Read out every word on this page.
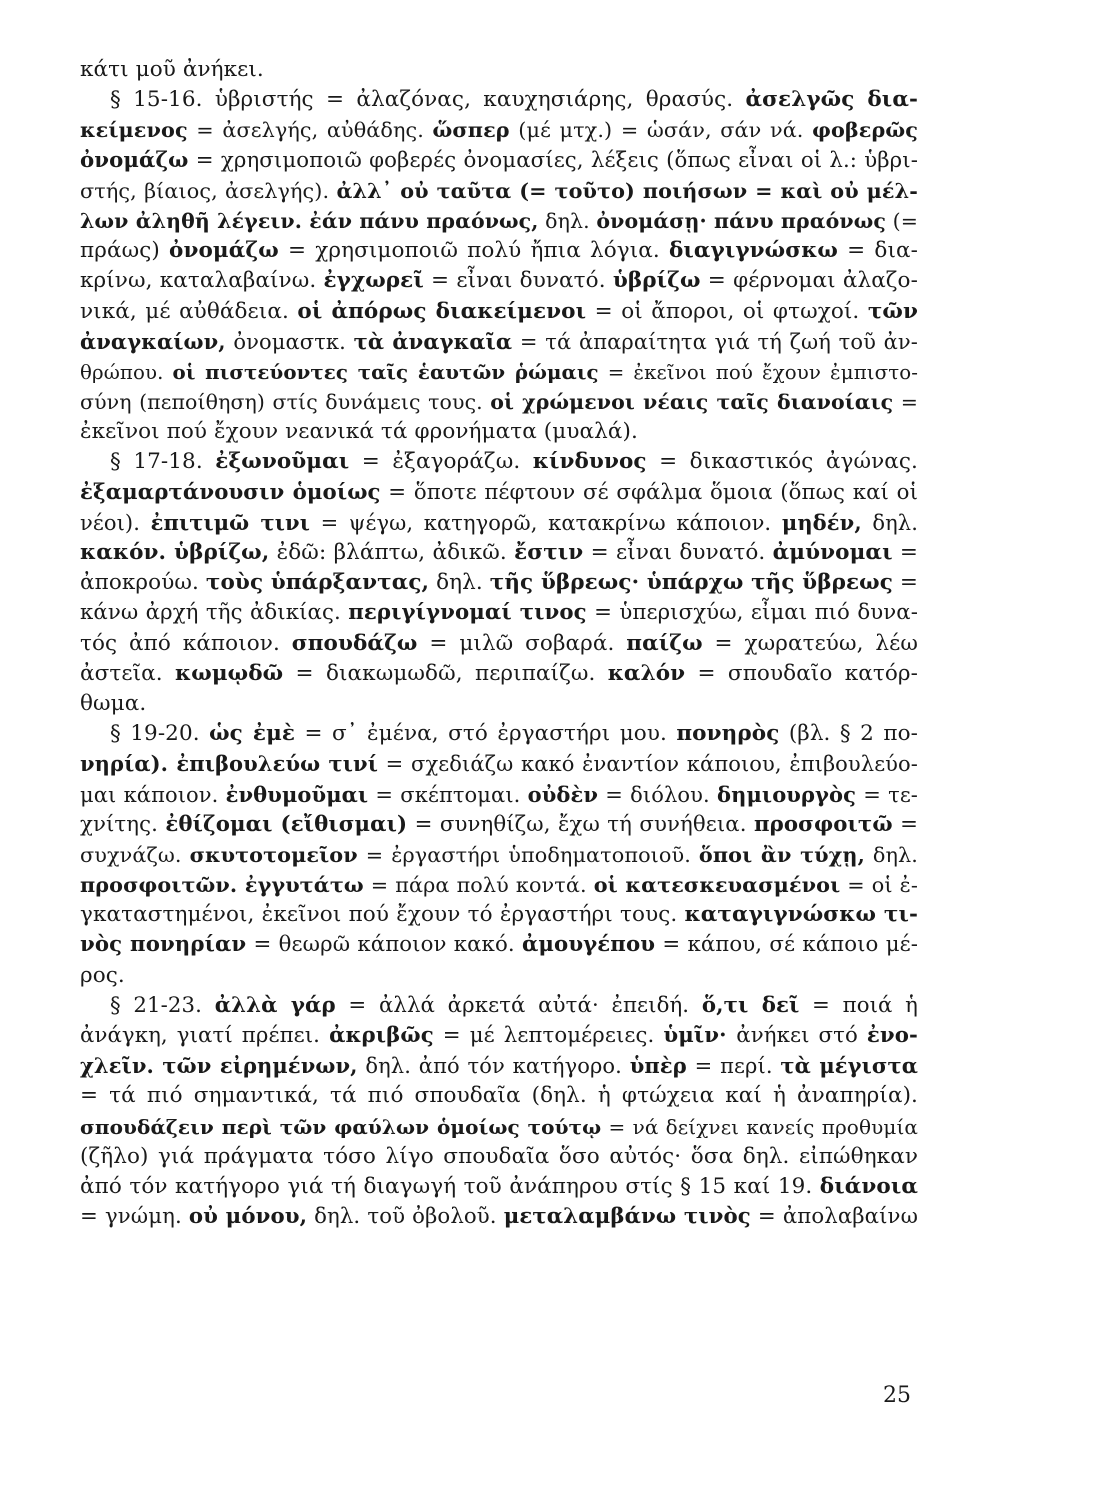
κάτι μοῦ ἀνήκει.
§ 15-16. ὑβριστής = ἀλαζόνας, καυχησιάρης, θρασύς. ἀσελγῶς δια-
κείμενος = ἀσελγής, αὐθάδης. ὥσπερ (μέ μτχ.) = ὡσάν, σάν νά. φοβερῶς
ὀνομάζω = χρησιμοποιῶ φοβερές ὀνομασίες, λέξεις (ὅπως εἶναι οἱ λ.: ὑβρι-
στής, βίαιος, ἀσελγής). ἀλλ᾽ οὐ ταῦτα (= τοῦτο) ποιήσων = καὶ οὐ μέλ-
λων ἀληθῆ λέγειν. ἐάν πάνυ πραόνως, δηλ. ὀνομάσῃ· πάνυ πραόνως (=
πράως) ὀνομάζω = χρησιμοποιῶ πολύ ἤπια λόγια. διαγιγνώσκω = δια-
κρίνω, καταλαβαίνω. ἐγχωρεῖ = εἶναι δυνατό. ὑβρίζω = φέρνομαι ἀλαζο-
νικά, μέ αὐθάδεια. οἱ ἀπόρως διακείμενοι = οἱ ἄποροι, οἱ φτωχοί. τῶν
ἀναγκαίων, ὀνομαστκ. τὰ ἀναγκαῖα = τά ἀπαραίτητα γιά τή ζωή τοῦ ἀν-
θρώπου. οἱ πιστεύοντες ταῖς ἑαυτῶν ῥώμαις = ἐκεῖνοι πού ἔχουν ἐμπιστο-
σύνη (πεποίθηση) στίς δυνάμεις τους. οἱ χρώμενοι νέαις ταῖς διανοίαις =
ἐκεῖνοι πού ἔχουν νεανικά τά φρονήματα (μυαλά).
§ 17-18. ἐξωνοῦμαι = ἐξαγοράζω. κίνδυνος = δικαστικός ἀγώνας.
ἐξαμαρτάνουσιν ὁμοίως = ὅποτε πέφτουν σέ σφάλμα ὅμοια (ὅπως καί οἱ
νέοι). ἐπιτιμῶ τινι = ψέγω, κατηγορῶ, κατακρίνω κάποιον. μηδέν, δηλ.
κακόν. ὑβρίζω, ἐδῶ: βλάπτω, ἀδικῶ. ἔστιν = εἶναι δυνατό. ἀμύνομαι =
ἀποκρούω. τοὺς ὑπάρξαντας, δηλ. τῆς ὕβρεως· ὑπάρχω τῆς ὕβρεως =
κάνω ἀρχή τῆς ἀδικίας. περιγίγνομαί τινος = ὑπερισχύω, εἶμαι πιό δυνα-
τός ἀπό κάποιον. σπουδάζω = μιλῶ σοβαρά. παίζω = χωρατεύω, λέω
ἀστεῖα. κωμῳδῶ = διακωμωδῶ, περιπαίζω. καλόν = σπουδαῖο κατόρ-
θωμα.
§ 19-20. ὡς ἐμὲ = σ᾽ ἐμένα, στό ἐργαστήρι μου. πονηρὸς (βλ. § 2 πο-
νηρία). ἐπιβουλεύω τινί = σχεδιάζω κακό ἐναντίον κάποιου, ἐπιβουλεύο-
μαι κάποιον. ἐνθυμοῦμαι = σκέπτομαι. οὐδὲν = διόλου. δημιουργὸς = τε-
χνίτης. ἐθίζομαι (εἴθισμαι) = συνηθίζω, ἔχω τή συνήθεια. προσφοιτῶ =
συχνάζω. σκυτοτομεῖον = ἐργαστήρι ὑποδηματοποιοῦ. ὅποι ἂν τύχῃ, δηλ.
προσφοιτῶν. ἐγγυτάτω = πάρα πολύ κοντά. οἱ κατεσκευασμένοι = οἱ ἐ-
γκαταστημένοι, ἐκεῖνοι πού ἔχουν τό ἐργαστήρι τους. καταγιγνώσκω τι-
νὸς πονηρίαν = θεωρῶ κάποιον κακό. ἀμουγέπου = κάπου, σέ κάποιο μέ-
ρος.
§ 21-23. ἀλλὰ γάρ = ἀλλά ἀρκετά αὐτά· ἐπειδή. ὅ,τι δεῖ = ποιά ἡ
ἀνάγκη, γιατί πρέπει. ἀκριβῶς = μέ λεπτομέρειες. ὑμῖν· ἀνήκει στό ἐνο-
χλεῖν. τῶν εἰρημένων, δηλ. ἀπό τόν κατήγορο. ὑπὲρ = περί. τὰ μέγιστα
= τά πιό σημαντικά, τά πιό σπουδαῖα (δηλ. ἡ φτώχεια καί ἡ ἀναπηρία).
σπουδάζειν περὶ τῶν φαύλων ὁμοίως τούτῳ = νά δείχνει κανείς προθυμία
(ζῆλο) γιά πράγματα τόσο λίγο σπουδαῖα ὅσο αὐτός· ὅσα δηλ. εἰπώθηκαν
ἀπό τόν κατήγορο γιά τή διαγωγή τοῦ ἀνάπηρου στίς § 15 καί 19. διάνοια
= γνώμη. οὐ μόνου, δηλ. τοῦ ὀβολοῦ. μεταλαμβάνω τινὸς = ἀπολαβαίνω
25
